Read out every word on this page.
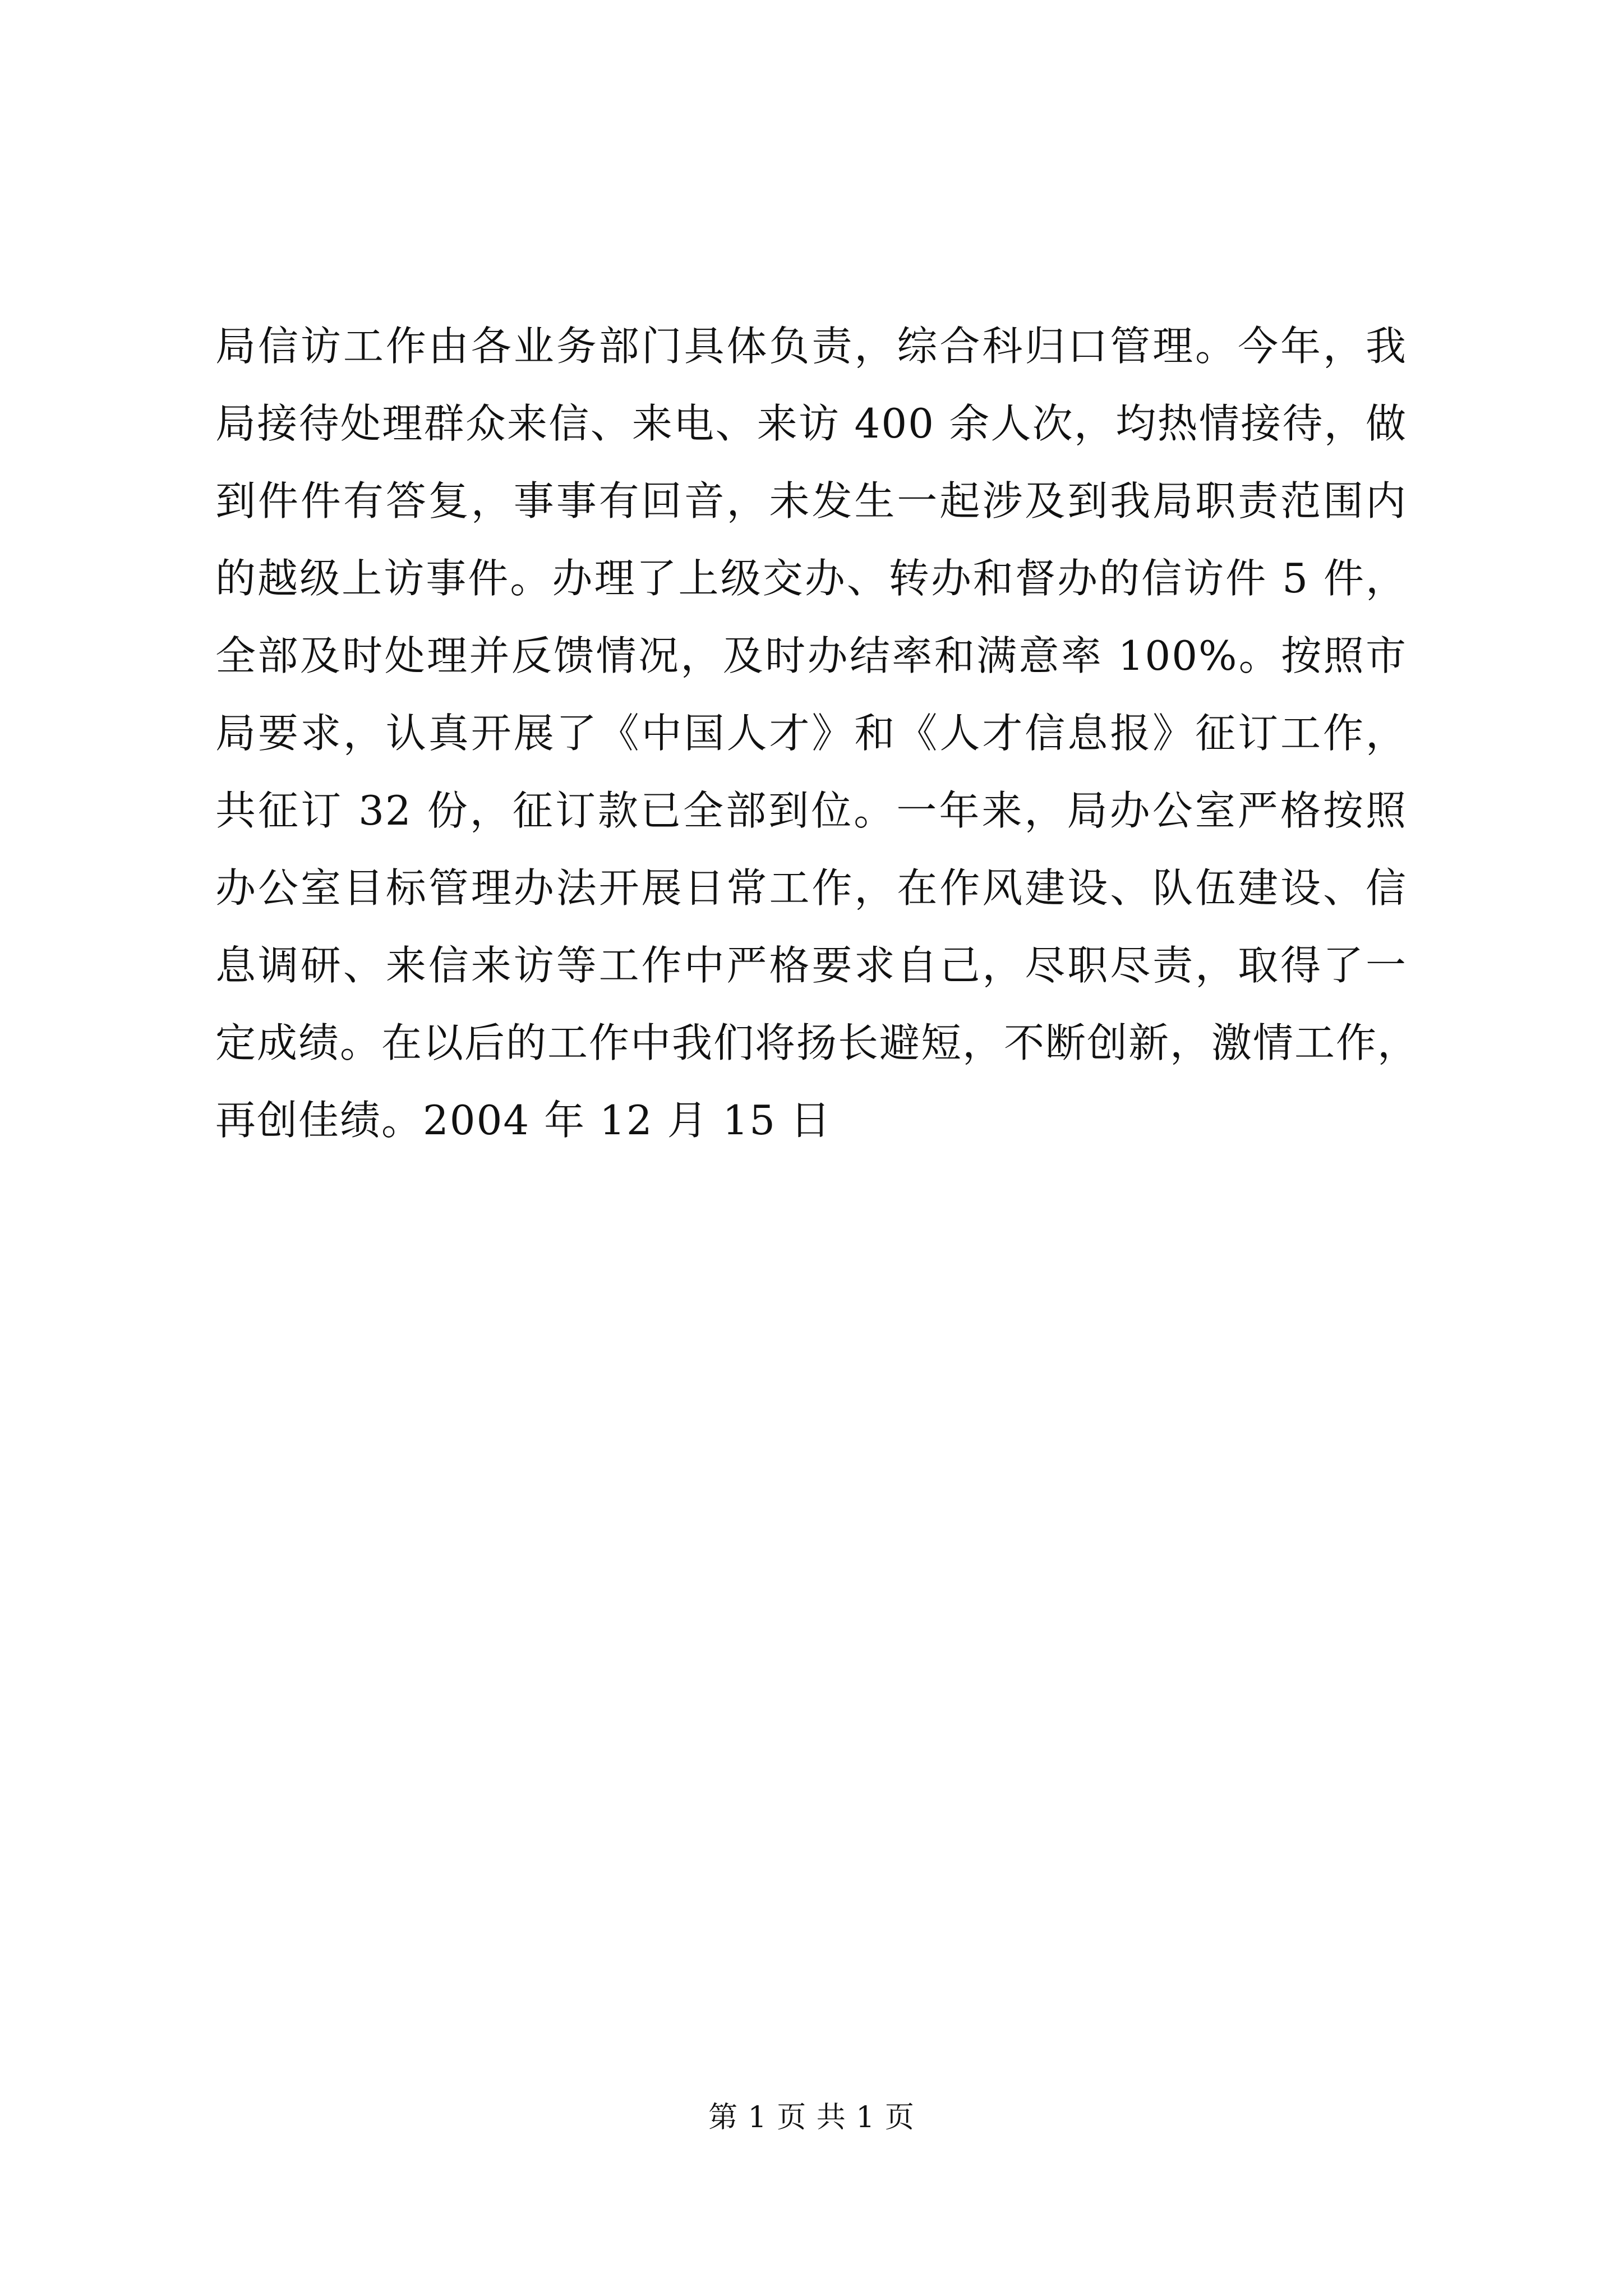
局信访工作由各业务部门具体负责，综合科归口管理。今年，我
局接待处理群众来信、来电、来访 400 余人次，均热情接待，做
到件件有答复，事事有回音，未发生一起涉及到我局职责范围内
的越级上访事件。办理了上级交办、转办和督办的信访件 5 件，
全部及时处理并反馈情况，及时办结率和满意率 100%。按照市
局要求，认真开展了《中国人才》和《人才信息报》征订工作，
共征订 32 份，征订款已全部到位。一年来，局办公室严格按照
办公室目标管理办法开展日常工作，在作风建设、队伍建设、信
息调研、来信来访等工作中严格要求自己，尽职尽责，取得了一
定成绩。在以后的工作中我们将扬长避短，不断创新，激情工作，
再创佳绩。2004 年 12 月 15 日
第 1 页 共 1 页
